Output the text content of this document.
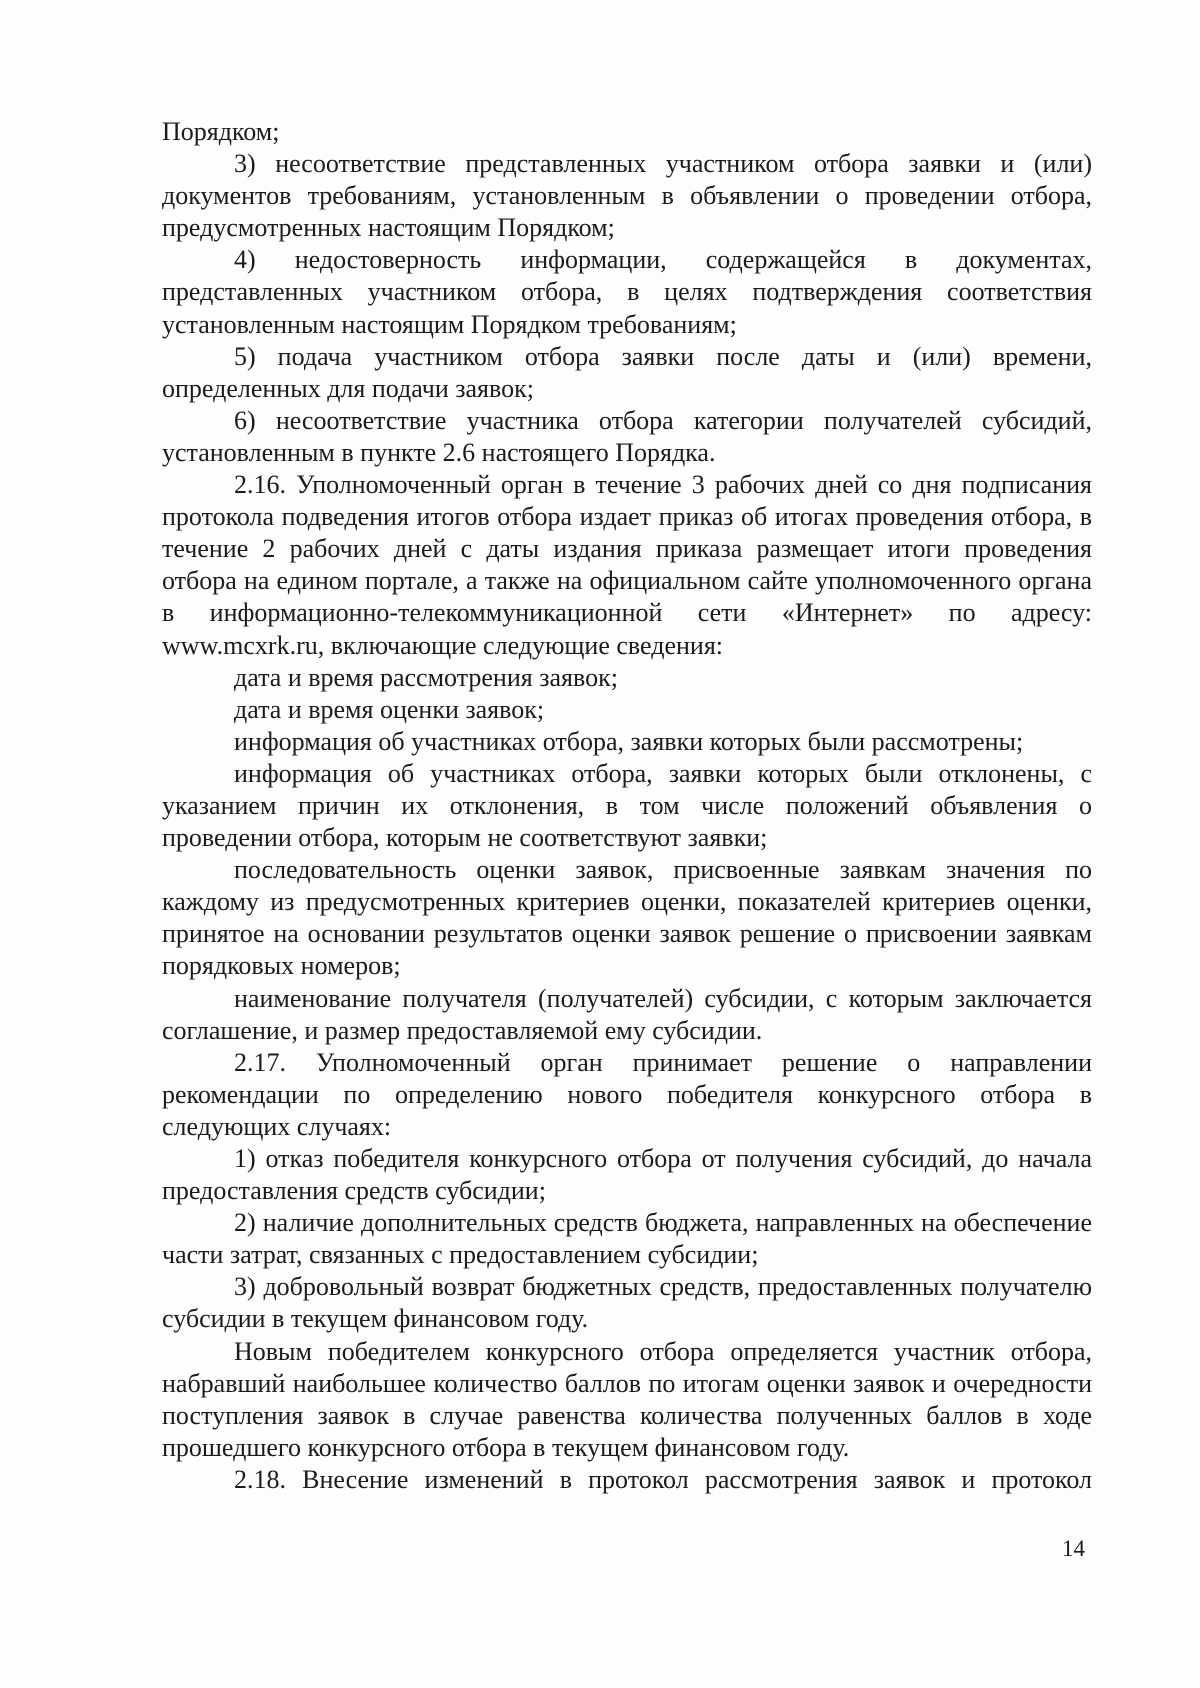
Порядком;

3) несоответствие представленных участником отбора заявки и (или) документов требованиям, установленным в объявлении о проведении отбора, предусмотренных настоящим Порядком;

4) недостоверность информации, содержащейся в документах, представленных участником отбора, в целях подтверждения соответствия установленным настоящим Порядком требованиям;

5) подача участником отбора заявки после даты и (или) времени, определенных для подачи заявок;

6) несоответствие участника отбора категории получателей субсидий, установленным в пункте 2.6 настоящего Порядка.

2.16. Уполномоченный орган в течение 3 рабочих дней со дня подписания протокола подведения итогов отбора издает приказ об итогах проведения отбора, в течение 2 рабочих дней с даты издания приказа размещает итоги проведения отбора на едином портале, а также на официальном сайте уполномоченного органа в информационно-телекоммуникационной сети «Интернет» по адресу: www.mcxrk.ru, включающие следующие сведения:

дата и время рассмотрения заявок;

дата и время оценки заявок;

информация об участниках отбора, заявки которых были рассмотрены;

информация об участниках отбора, заявки которых были отклонены, с указанием причин их отклонения, в том числе положений объявления о проведении отбора, которым не соответствуют заявки;

последовательность оценки заявок, присвоенные заявкам значения по каждому из предусмотренных критериев оценки, показателей критериев оценки, принятое на основании результатов оценки заявок решение о присвоении заявкам порядковых номеров;

наименование получателя (получателей) субсидии, с которым заключается соглашение, и размер предоставляемой ему субсидии.

2.17. Уполномоченный орган принимает решение о направлении рекомендации по определению нового победителя конкурсного отбора в следующих случаях:

1) отказ победителя конкурсного отбора от получения субсидий, до начала предоставления средств субсидии;

2) наличие дополнительных средств бюджета, направленных на обеспечение части затрат, связанных с предоставлением субсидии;

3) добровольный возврат бюджетных средств, предоставленных получателю субсидии в текущем финансовом году.

Новым победителем конкурсного отбора определяется участник отбора, набравший наибольшее количество баллов по итогам оценки заявок и очередности поступления заявок в случае равенства количества полученных баллов в ходе прошедшего конкурсного отбора в текущем финансовом году.

2.18. Внесение изменений в протокол рассмотрения заявок и протокол

14
